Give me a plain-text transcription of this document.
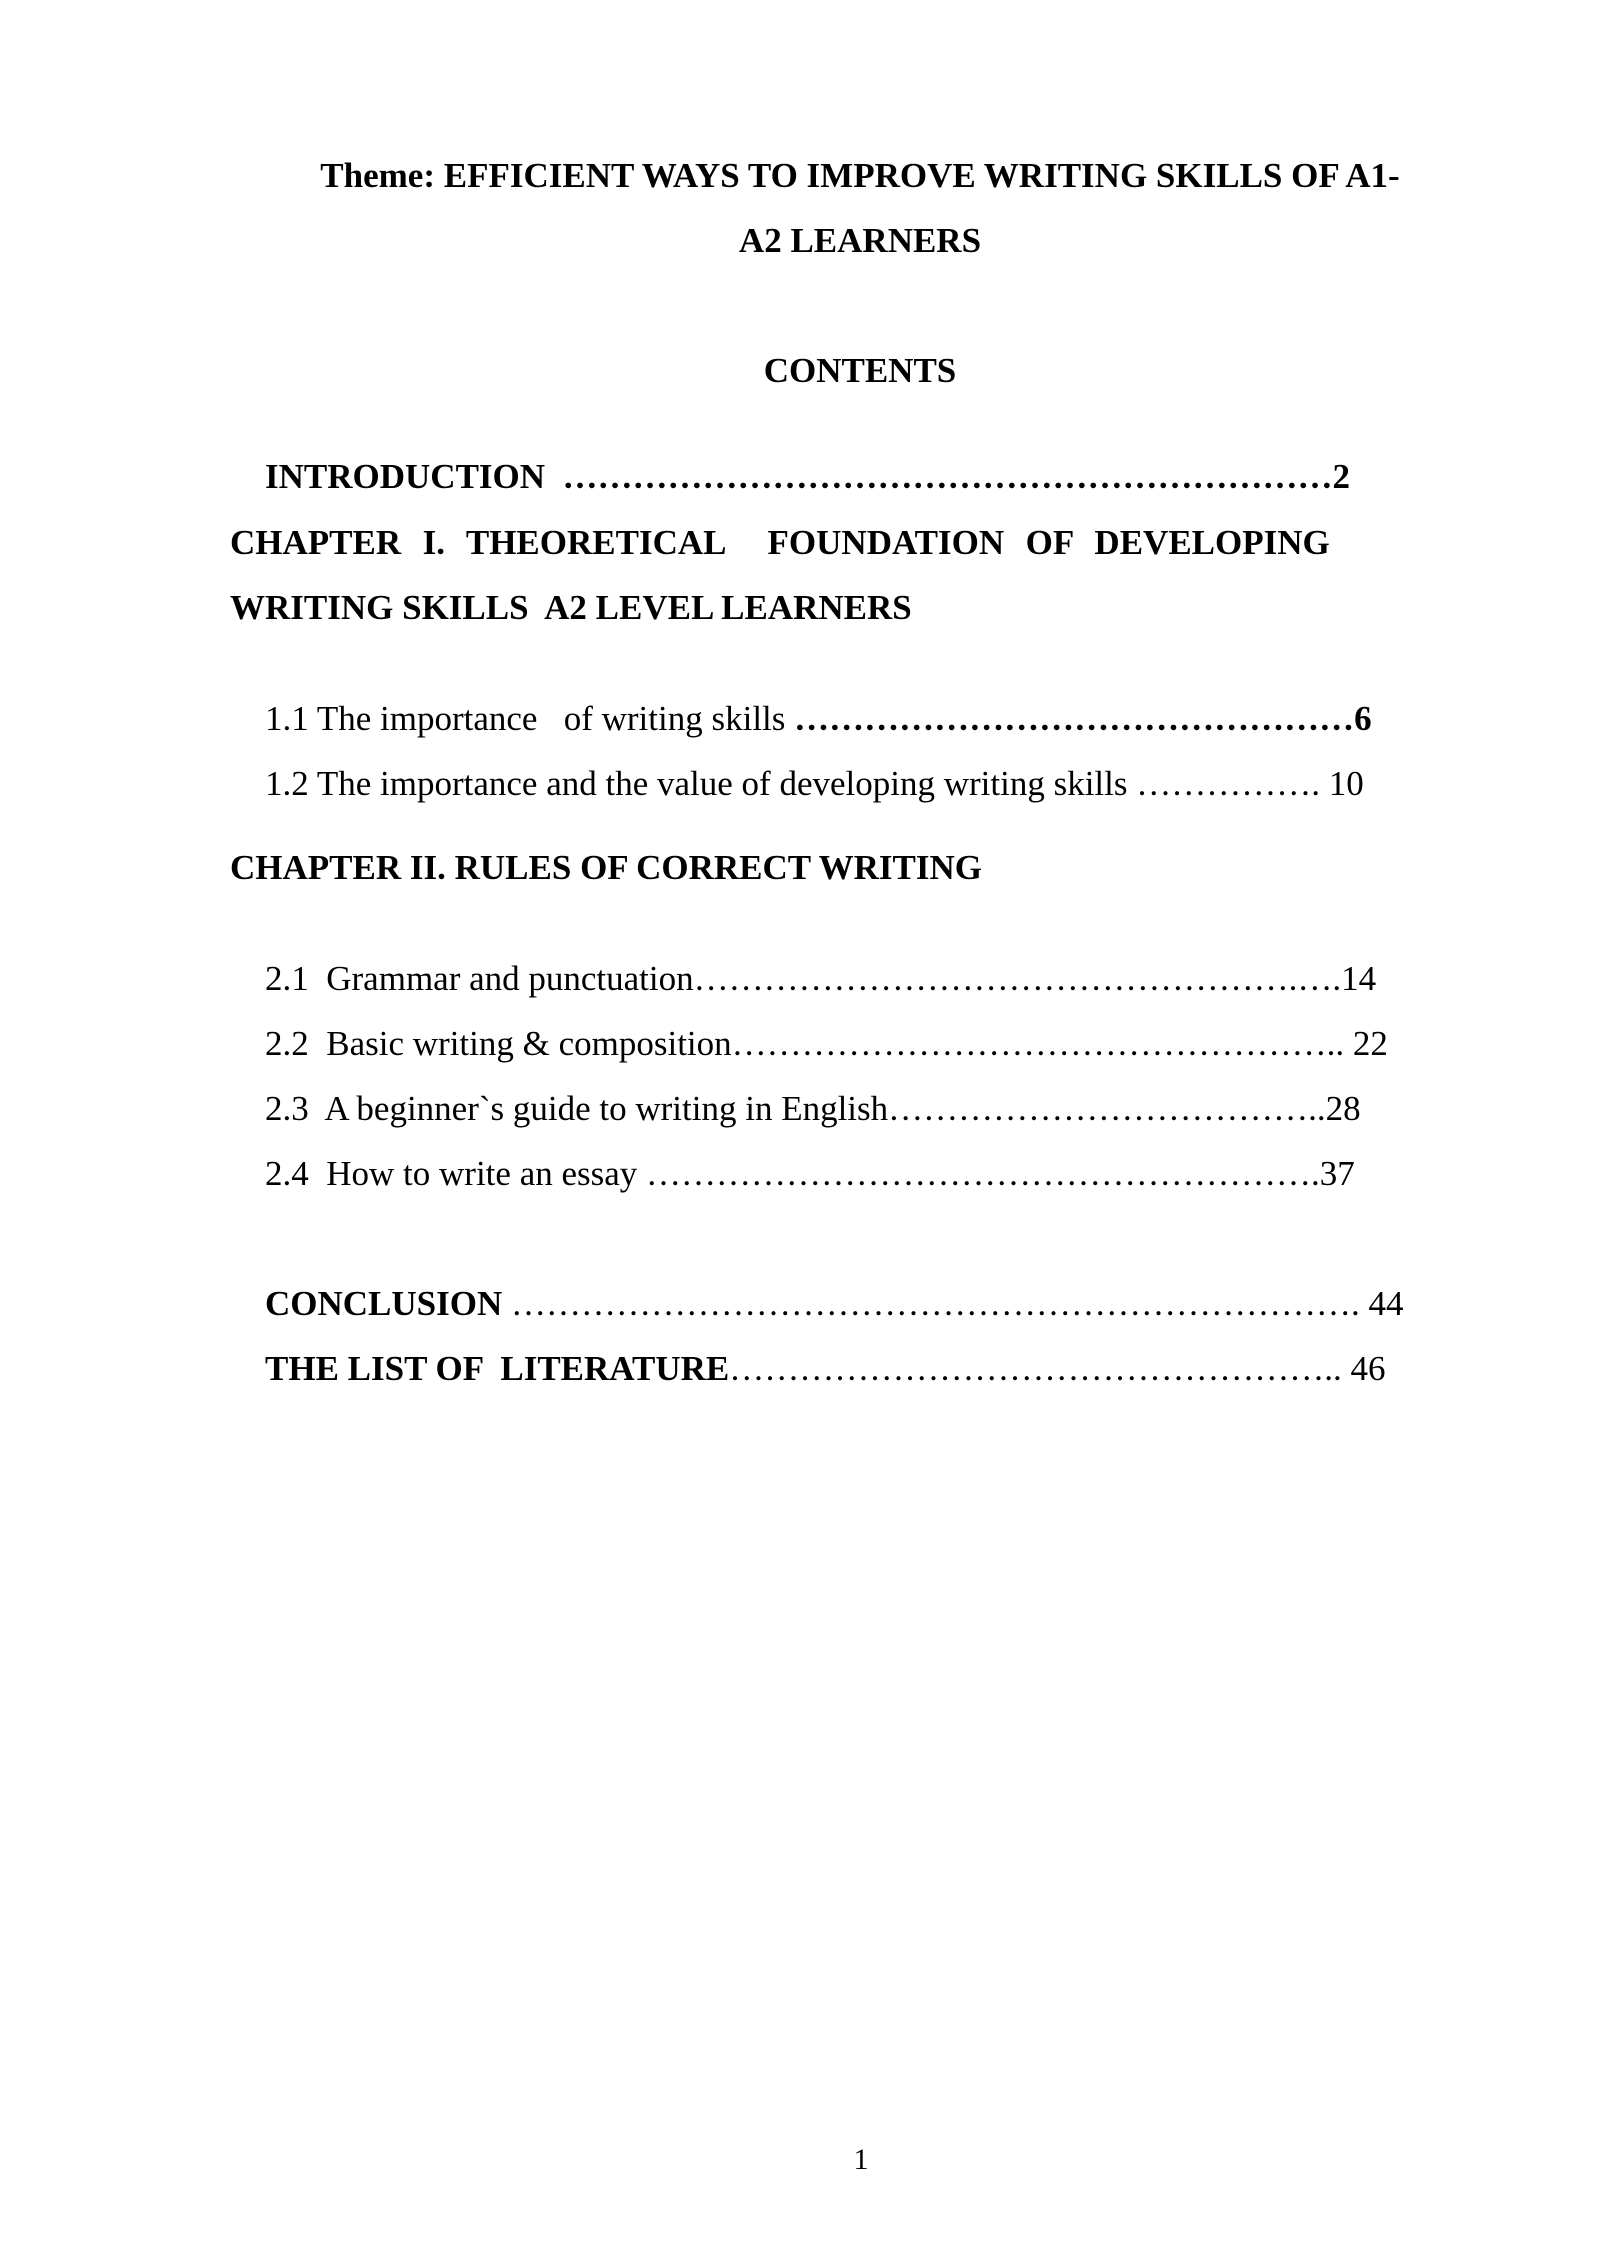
Theme: EFFICIENT WAYS TO IMPROVE WRITING SKILLS OF A1-
A2 LEARNERS
CONTENTS

INTRODUCTION  …………………………………………………………2

CHAPTER  I.  THEORETICAL    FOUNDATION  OF  DEVELOPING
WRITING SKILLS  A2 LEVEL LEARNERS

1.1 The importance   of writing skills …………………………………………6

1.2 The importance and the value of developing writing skills ……………. 10

CHAPTER II. RULES OF CORRECT WRITING

2.1  Grammar and punctuation…………………………………………….….14

2.2  Basic writing & composition…………………………………………….. 22

2.3  A beginner`s guide to writing in English………………………………..28

2.4  How to write an essay ………………………………………………….37

CONCLUSION ………………………………………………………………. 44

THE LIST OF  LITERATURE…………………………………………….. 46

1
